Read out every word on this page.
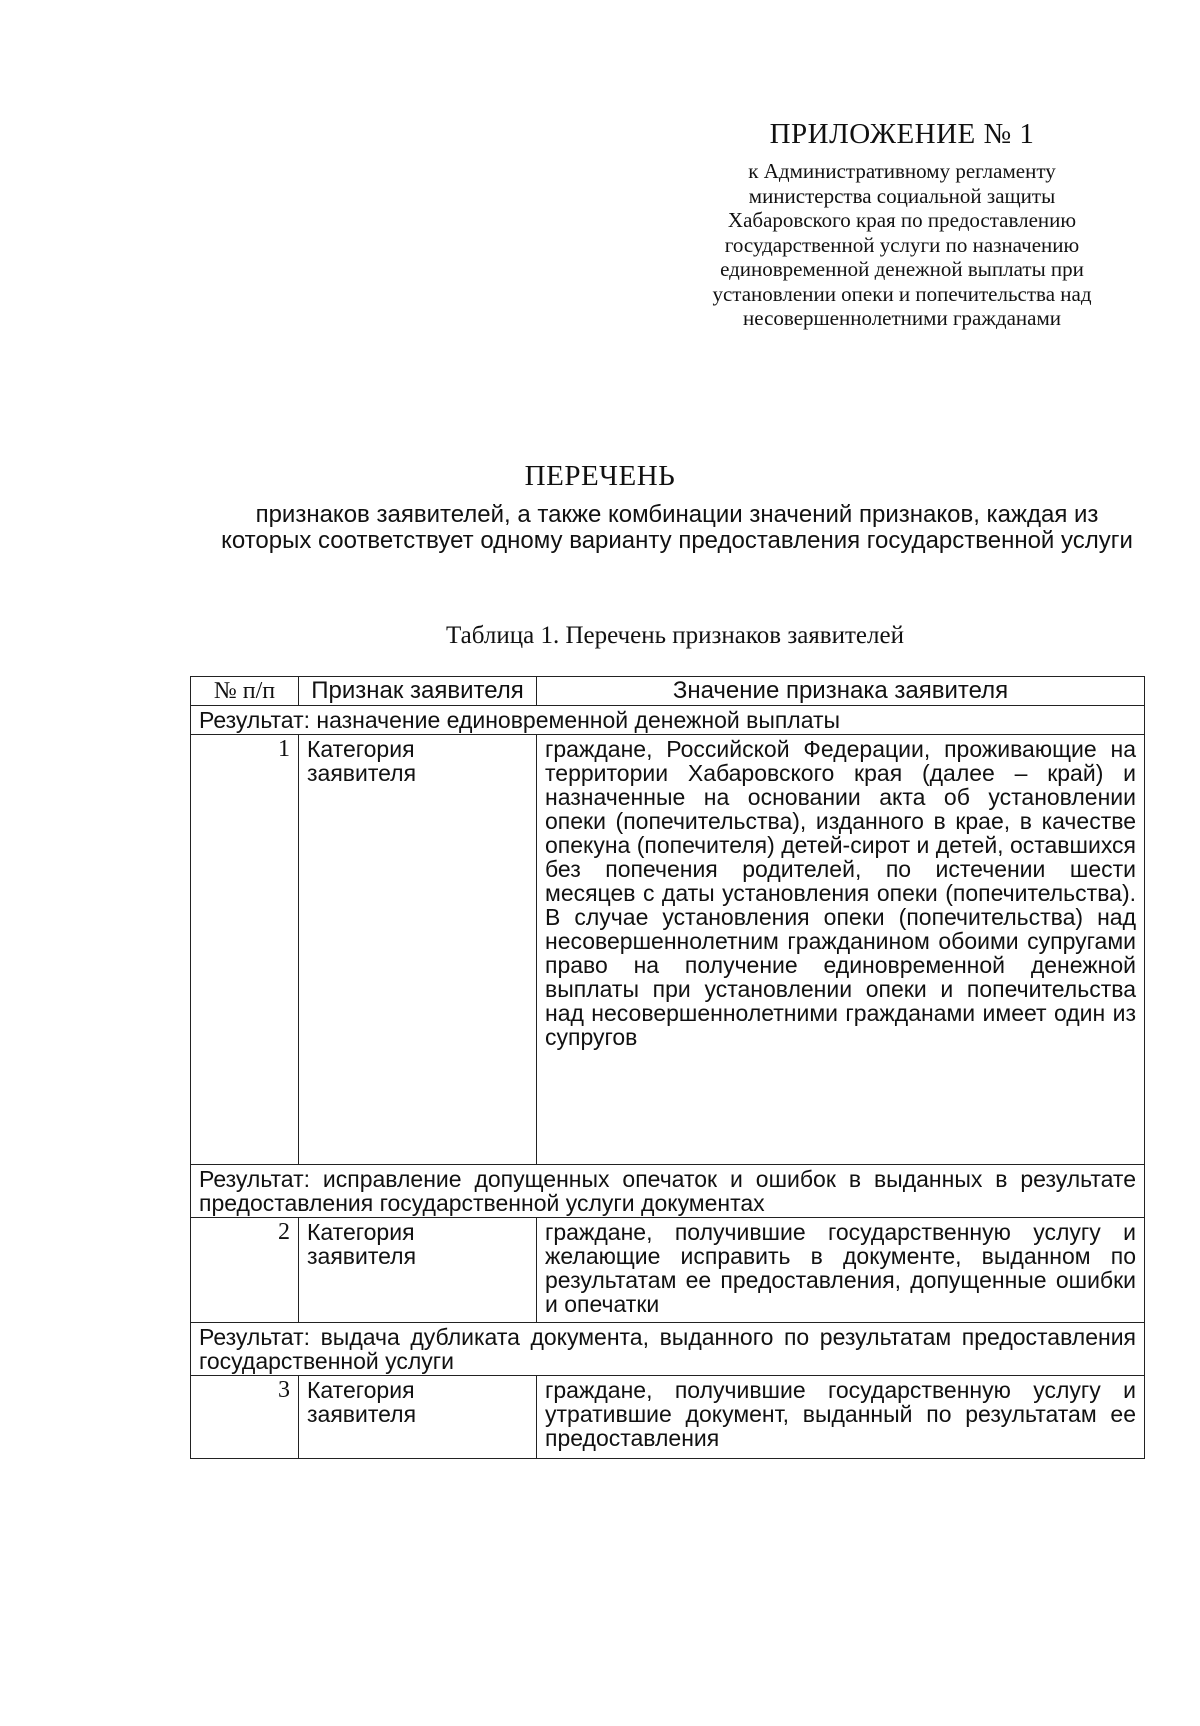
ПРИЛОЖЕНИЕ № 1
к Административному регламенту
министерства социальной защиты
Хабаровского края по предоставлению
государственной услуги по назначению
единовременной денежной выплаты при
установлении опеки и попечительства над
несовершеннолетними гражданами
ПЕРЕЧЕНЬ
признаков заявителей, а также комбинации значений признаков, каждая из которых соответствует одному варианту предоставления государственной услуги
Таблица 1. Перечень признаков заявителей
№ п/п	Признак заявителя	Значение признака заявителя
Результат: назначение единовременной денежной выплаты		
1	Категория заявителя	граждане, Российской Федерации, проживающие на территории Хабаровского края (далее – край) и назначенные на основании акта об установлении опеки (попечительства), изданного в крае, в качестве опекуна (попечителя) детей-сирот и детей, оставшихся без попечения родителей, по истечении шести месяцев с даты установления опеки (попечительства). В случае установления опеки (попечительства) над несовершеннолетним гражданином обоими супругами право на получение единовременной денежной выплаты при установлении опеки и попечительства над несовершеннолетними гражданами имеет один из супругов
Результат: исправление допущенных опечаток и ошибок в выданных в результате предоставления государственной услуги документах		
2	Категория заявителя	граждане, получившие государственную услугу и желающие исправить в документе, выданном по результатам ее предоставления, допущенные ошибки и опечатки
Результат: выдача дубликата документа, выданного по результатам предоставления государственной услуги		
3	Категория заявителя	граждане, получившие государственную услугу и утратившие документ, выданный по результатам ее предоставления
